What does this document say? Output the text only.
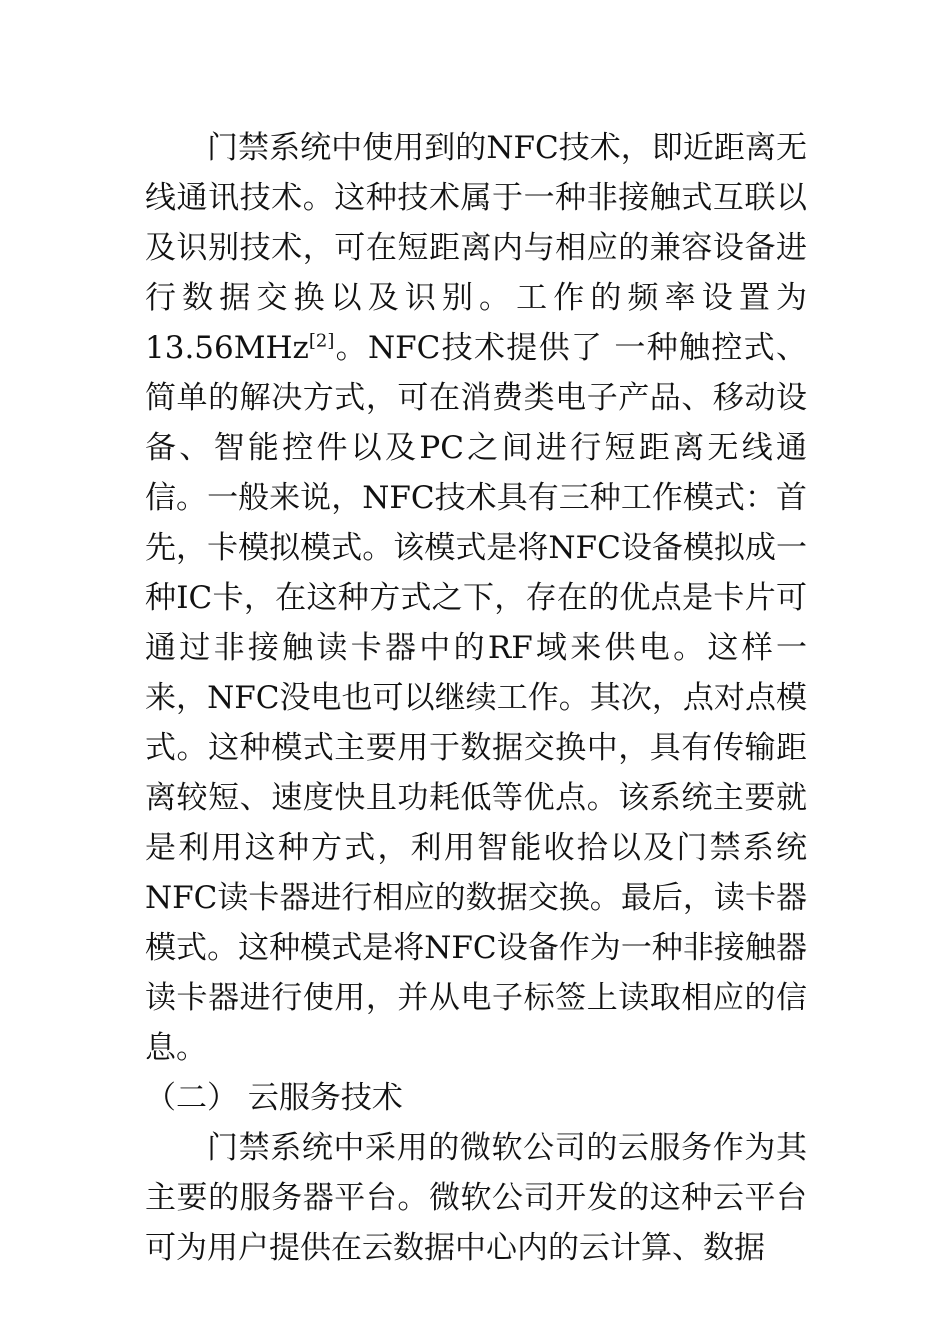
门禁系统中使用到的NFC技术，即近距离无线通讯技术。这种技术属于一种非接触式互联以及识别技术，可在短距离内与相应的兼容设备进行数据交换以及识别。工作的频率设置为13.56MHz[2]。NFC技术提供了 一种触控式、简单的解决方式，可在消费类电子产品、移动设备、智能控件以及PC之间进行短距离无线通信。一般来说，NFC技术具有三种工作模式：首先，卡模拟模式。该模式是将NFC设备模拟成一种IC卡，在这种方式之下，存在的优点是卡片可通过非接触读卡器中的RF域来供电。这样一来，NFC没电也可以继续工作。其次，点对点模式。这种模式主要用于数据交换中，具有传输距离较短、速度快且功耗低等优点。该系统主要就是利用这种方式，利用智能收拾以及门禁系统NFC读卡器进行相应的数据交换。最后，读卡器模式。这种模式是将NFC设备作为一种非接触器读卡器进行使用，并从电子标签上读取相应的信息。

（二） 云服务技术

门禁系统中采用的微软公司的云服务作为其主要的服务器平台。微软公司开发的这种云平台可为用户提供在云数据中心内的云计算、数据
